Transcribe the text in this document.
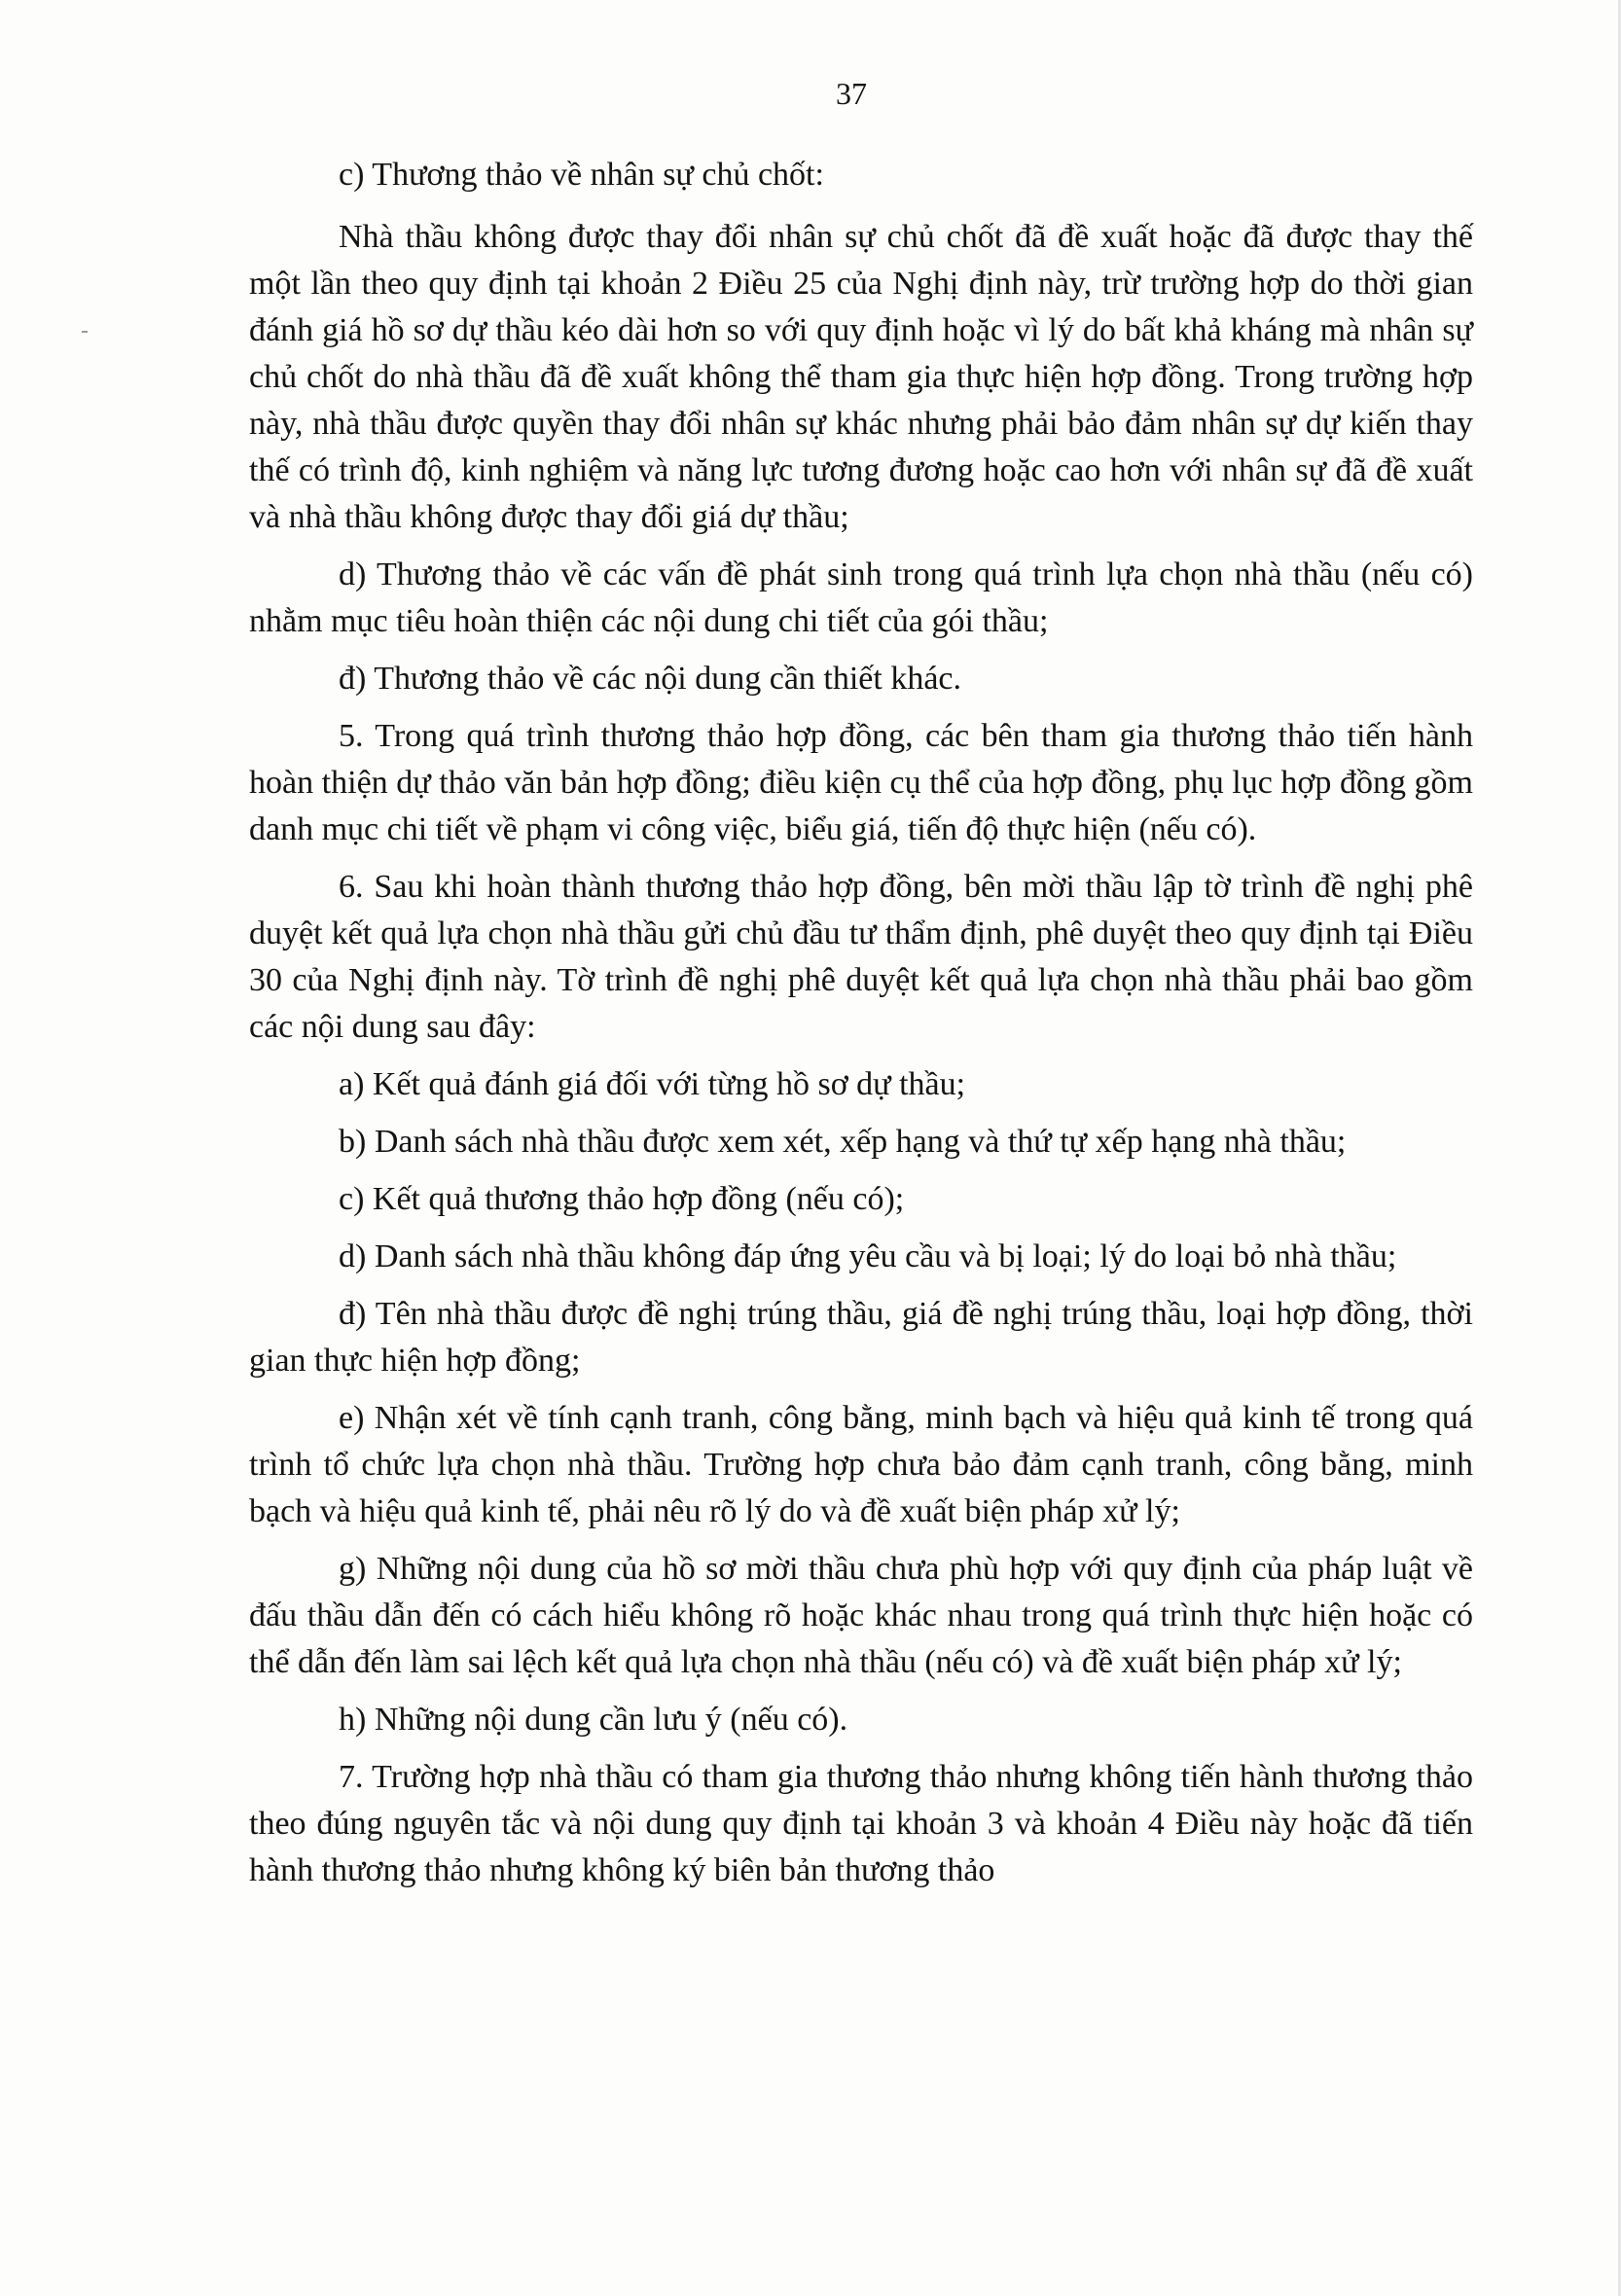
37

c) Thương thảo về nhân sự chủ chốt:

Nhà thầu không được thay đổi nhân sự chủ chốt đã đề xuất hoặc đã được thay thế một lần theo quy định tại khoản 2 Điều 25 của Nghị định này, trừ trường hợp do thời gian đánh giá hồ sơ dự thầu kéo dài hơn so với quy định hoặc vì lý do bất khả kháng mà nhân sự chủ chốt do nhà thầu đã đề xuất không thể tham gia thực hiện hợp đồng. Trong trường hợp này, nhà thầu được quyền thay đổi nhân sự khác nhưng phải bảo đảm nhân sự dự kiến thay thế có trình độ, kinh nghiệm và năng lực tương đương hoặc cao hơn với nhân sự đã đề xuất và nhà thầu không được thay đổi giá dự thầu;

d) Thương thảo về các vấn đề phát sinh trong quá trình lựa chọn nhà thầu (nếu có) nhằm mục tiêu hoàn thiện các nội dung chi tiết của gói thầu;

đ) Thương thảo về các nội dung cần thiết khác.

5. Trong quá trình thương thảo hợp đồng, các bên tham gia thương thảo tiến hành hoàn thiện dự thảo văn bản hợp đồng; điều kiện cụ thể của hợp đồng, phụ lục hợp đồng gồm danh mục chi tiết về phạm vi công việc, biểu giá, tiến độ thực hiện (nếu có).

6. Sau khi hoàn thành thương thảo hợp đồng, bên mời thầu lập tờ trình đề nghị phê duyệt kết quả lựa chọn nhà thầu gửi chủ đầu tư thẩm định, phê duyệt theo quy định tại Điều 30 của Nghị định này. Tờ trình đề nghị phê duyệt kết quả lựa chọn nhà thầu phải bao gồm các nội dung sau đây:

a) Kết quả đánh giá đối với từng hồ sơ dự thầu;

b) Danh sách nhà thầu được xem xét, xếp hạng và thứ tự xếp hạng nhà thầu;

c) Kết quả thương thảo hợp đồng (nếu có);

d) Danh sách nhà thầu không đáp ứng yêu cầu và bị loại; lý do loại bỏ nhà thầu;

đ) Tên nhà thầu được đề nghị trúng thầu, giá đề nghị trúng thầu, loại hợp đồng, thời gian thực hiện hợp đồng;

e) Nhận xét về tính cạnh tranh, công bằng, minh bạch và hiệu quả kinh tế trong quá trình tổ chức lựa chọn nhà thầu. Trường hợp chưa bảo đảm cạnh tranh, công bằng, minh bạch và hiệu quả kinh tế, phải nêu rõ lý do và đề xuất biện pháp xử lý;

g) Những nội dung của hồ sơ mời thầu chưa phù hợp với quy định của pháp luật về đấu thầu dẫn đến có cách hiểu không rõ hoặc khác nhau trong quá trình thực hiện hoặc có thể dẫn đến làm sai lệch kết quả lựa chọn nhà thầu (nếu có) và đề xuất biện pháp xử lý;

h) Những nội dung cần lưu ý (nếu có).

7. Trường hợp nhà thầu có tham gia thương thảo nhưng không tiến hành thương thảo theo đúng nguyên tắc và nội dung quy định tại khoản 3 và khoản 4 Điều này hoặc đã tiến hành thương thảo nhưng không ký biên bản thương thảo
